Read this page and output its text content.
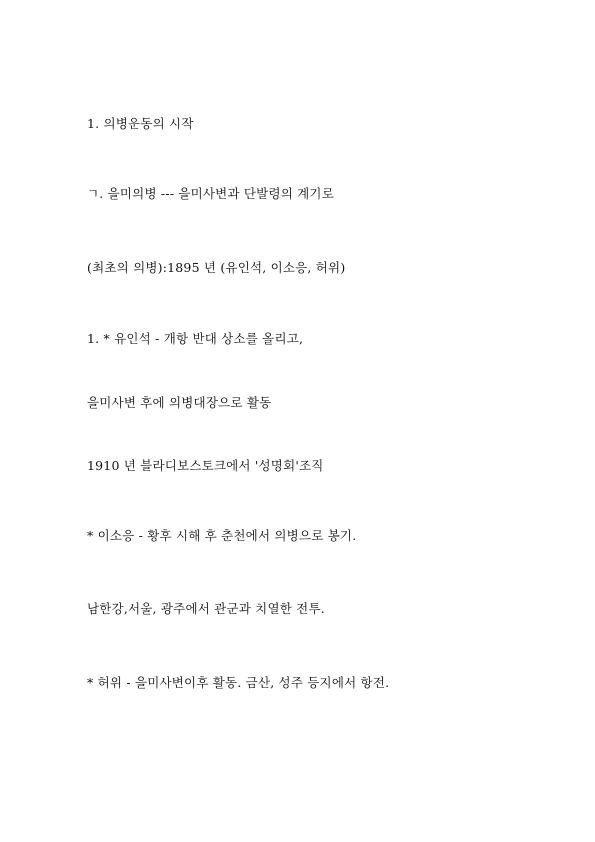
1. 의병운동의 시작
ㄱ. 을미의병 --- 을미사변과 단발령의 계기로
(최초의 의병):1895 년 (유인석, 이소응, 허위)
1. * 유인석 - 개항 반대 상소를 올리고,
을미사변 후에 의병대장으로 활동
1910 년 블라디보스토크에서 '성명회'조직
* 이소응 - 황후 시해 후 춘천에서 의병으로 봉기.
남한강,서울, 광주에서 관군과 치열한 전투.
* 허위 - 을미사변이후 활동. 금산, 성주 등지에서 항전.
